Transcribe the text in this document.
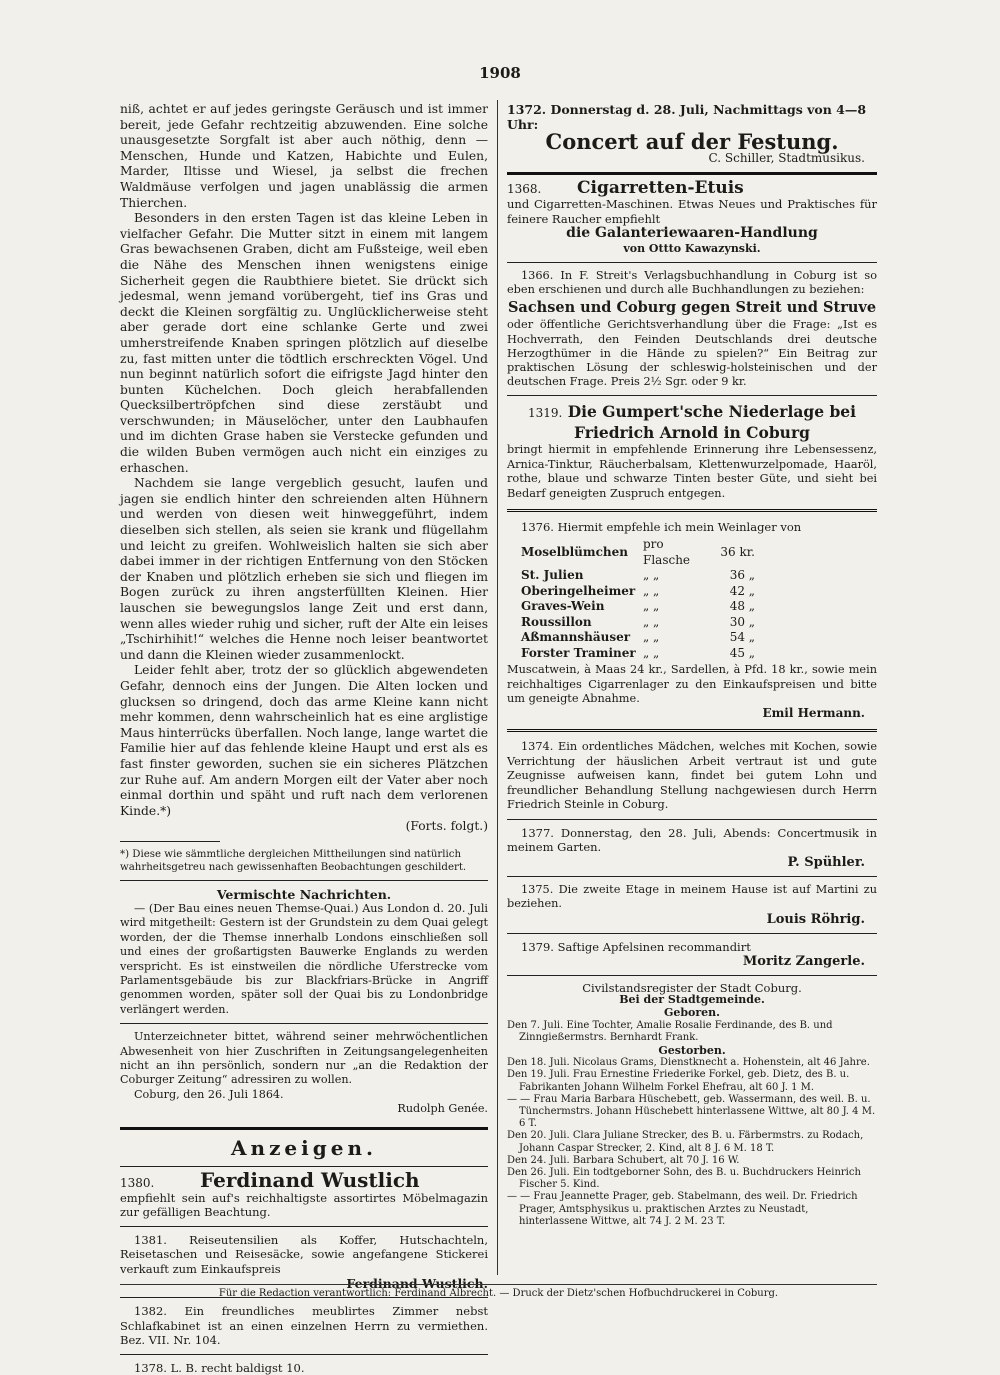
1908

niß, achtet er auf jedes geringste Geräusch und ist immer bereit, jede Gefahr rechtzeitig abzuwenden. Eine solche unausgesetzte Sorgfalt ist aber auch nöthig, denn — Menschen, Hunde und Katzen, Habichte und Eulen, Marder, Iltisse und Wiesel, ja selbst die frechen Waldmäuse verfolgen und jagen unablässig die armen Thierchen.

Besonders in den ersten Tagen ist das kleine Leben in vielfacher Gefahr. Die Mutter sitzt in einem mit langem Gras bewachsenen Graben, dicht am Fußsteige, weil eben die Nähe des Menschen ihnen wenigstens einige Sicherheit gegen die Raubthiere bietet. Sie drückt sich jedesmal, wenn jemand vorübergeht, tief ins Gras und deckt die Kleinen sorgfältig zu. Unglücklicherweise steht aber gerade dort eine schlanke Gerte und zwei umherstreifende Knaben springen plötzlich auf dieselbe zu, fast mitten unter die tödtlich erschreckten Vögel. Und nun beginnt natürlich sofort die eifrigste Jagd hinter den bunten Küchelchen. Doch gleich herabfallenden Quecksilbertröpfchen sind diese zerstäubt und verschwunden; in Mäuselöcher, unter den Laubhaufen und im dichten Grase haben sie Verstecke gefunden und die wilden Buben vermögen auch nicht ein einziges zu erhaschen.

Nachdem sie lange vergeblich gesucht, laufen und jagen sie endlich hinter den schreienden alten Hühnern und werden von diesen weit hinweggeführt, indem dieselben sich stellen, als seien sie krank und flügellahm und leicht zu greifen. Wohlweislich halten sie sich aber dabei immer in der richtigen Entfernung von den Stöcken der Knaben und plötzlich erheben sie sich und fliegen im Bogen zurück zu ihren angsterfüllten Kleinen. Hier lauschen sie bewegungslos lange Zeit und erst dann, wenn alles wieder ruhig und sicher, ruft der Alte ein leises „Tschirhihit!“ welches die Henne noch leiser beantwortet und dann die Kleinen wieder zusammenlockt.

Leider fehlt aber, trotz der so glücklich abgewendeten Gefahr, dennoch eins der Jungen. Die Alten locken und glucksen so dringend, doch das arme Kleine kann nicht mehr kommen, denn wahrscheinlich hat es eine arglistige Maus hinterrücks überfallen. Noch lange, lange wartet die Familie hier auf das fehlende kleine Haupt und erst als es fast finster geworden, suchen sie ein sicheres Plätzchen zur Ruhe auf. Am andern Morgen eilt der Vater aber noch einmal dorthin und späht und ruft nach dem verlorenen Kinde.*)

(Forts. folgt.)

*) Diese wie sämmtliche dergleichen Mittheilungen sind natürlich wahrheitsgetreu nach gewissenhaften Beobachtungen geschildert.

Vermischte Nachrichten.

— (Der Bau eines neuen Themse-Quai.) Aus London d. 20. Juli wird mitgetheilt: Gestern ist der Grundstein zu dem Quai gelegt worden, der die Themse innerhalb Londons einschließen soll und eines der großartigsten Bauwerke Englands zu werden verspricht. Es ist einstweilen die nördliche Uferstrecke vom Parlamentsgebäude bis zur Blackfriars-Brücke in Angriff genommen worden, später soll der Quai bis zu Londonbridge verlängert werden.

Unterzeichneter bittet, während seiner mehrwöchentlichen Abwesenheit von hier Zuschriften in Zeitungsangelegenheiten nicht an ihn persönlich, sondern nur „an die Redaktion der Coburger Zeitung“ adressiren zu wollen.

Coburg, den 26. Juli 1864.

Rudolph Genée.

Anzeigen.

1380.	Ferdinand Wustlich

empfiehlt sein auf's reichhaltigste assortirtes Möbelmagazin zur gefälligen Beachtung.

1381. Reiseutensilien als Koffer, Hutschachteln, Reisetaschen und Reisesäcke, sowie angefangene Stickerei verkauft zum Einkaufspreis

Ferdinand Wustlich.

1382. Ein freundliches meublirtes Zimmer nebst Schlafkabinet ist an einen einzelnen Herrn zu vermiethen. Bez. VII. Nr. 104.

1378. L. B. recht baldigst 10.

1372. Donnerstag d. 28. Juli, Nachmittags von 4—8 Uhr:

Concert auf der Festung.

C. Schiller, Stadtmusikus.

1368.	Cigarretten-Etuis

und Cigarretten-Maschinen. Etwas Neues und Praktisches für feinere Raucher empfiehlt

die Galanteriewaaren-Handlung

von Ottto Kawazynski.

1366. In F. Streit's Verlagsbuchhandlung in Coburg ist so eben erschienen und durch alle Buchhandlungen zu beziehen:

Sachsen und Coburg gegen Streit und Struve

oder öffentliche Gerichtsverhandlung über die Frage: „Ist es Hochverrath, den Feinden Deutschlands drei deutsche Herzogthümer in die Hände zu spielen?“ Ein Beitrag zur praktischen Lösung der schleswig-holsteinischen und der deutschen Frage. Preis 2½ Sgr. oder 9 kr.

1319. Die Gumpert'sche Niederlage bei Friedrich Arnold in Coburg

bringt hiermit in empfehlende Erinnerung ihre Lebensessenz, Arnica-Tinktur, Räucherbalsam, Klettenwurzelpomade, Haaröl, rothe, blaue und schwarze Tinten bester Güte, und sieht bei Bedarf geneigten Zuspruch entgegen.

1376. Hiermit empfehle ich mein Weinlager von

Moselblümchen	pro Flasche	36 kr.
St. Julien	„ „	36 „
Oberingelheimer	„ „	42 „
Graves-Wein	„ „	48 „
Roussillon	„ „	30 „
Aßmannshäuser	„ „	54 „
Forster Traminer	„ „	45 „

Muscatwein, à Maas 24 kr., Sardellen, à Pfd. 18 kr., sowie mein reichhaltiges Cigarrenlager zu den Einkaufspreisen und bitte um geneigte Abnahme.

Emil Hermann.

1374. Ein ordentliches Mädchen, welches mit Kochen, sowie Verrichtung der häuslichen Arbeit vertraut ist und gute Zeugnisse aufweisen kann, findet bei gutem Lohn und freundlicher Behandlung Stellung nachgewiesen durch Herrn Friedrich Steinle in Coburg.

1377. Donnerstag, den 28. Juli, Abends: Concertmusik in meinem Garten.

P. Spühler.

1375. Die zweite Etage in meinem Hause ist auf Martini zu beziehen.

Louis Röhrig.

1379. Saftige Apfelsinen recommandirt

Moritz Zangerle.

Civilstandsregister der Stadt Coburg.

Bei der Stadtgemeinde.

Geboren.

Den 7. Juli. Eine Tochter, Amalie Rosalie Ferdinande, des B. und Zinngießermstrs. Bernhardt Frank.

Gestorben.

Den 18. Juli. Nicolaus Grams, Dienstknecht a. Hohenstein, alt 46 Jahre.

Den 19. Juli. Frau Ernestine Friederike Forkel, geb. Dietz, des B. u. Fabrikanten Johann Wilhelm Forkel Ehefrau, alt 60 J. 1 M.

— — Frau Maria Barbara Hüschebett, geb. Wassermann, des weil. B. u. Tünchermstrs. Johann Hüschebett hinterlassene Wittwe, alt 80 J. 4 M. 6 T.

Den 20. Juli. Clara Juliane Strecker, des B. u. Färbermstrs. zu Rodach, Johann Caspar Strecker, 2. Kind, alt 8 J. 6 M. 18 T.

Den 24. Juli. Barbara Schubert, alt 70 J. 16 W.

Den 26. Juli. Ein todtgeborner Sohn, des B. u. Buchdruckers Heinrich Fischer 5. Kind.

— — Frau Jeannette Prager, geb. Stabelmann, des weil. Dr. Friedrich Prager, Amtsphysikus u. praktischen Arztes zu Neustadt, hinterlassene Wittwe, alt 74 J. 2 M. 23 T.

Für die Redaction verantwortlich: Ferdinand Albrecht. — Druck der Dietz'schen Hofbuchdruckerei in Coburg.
